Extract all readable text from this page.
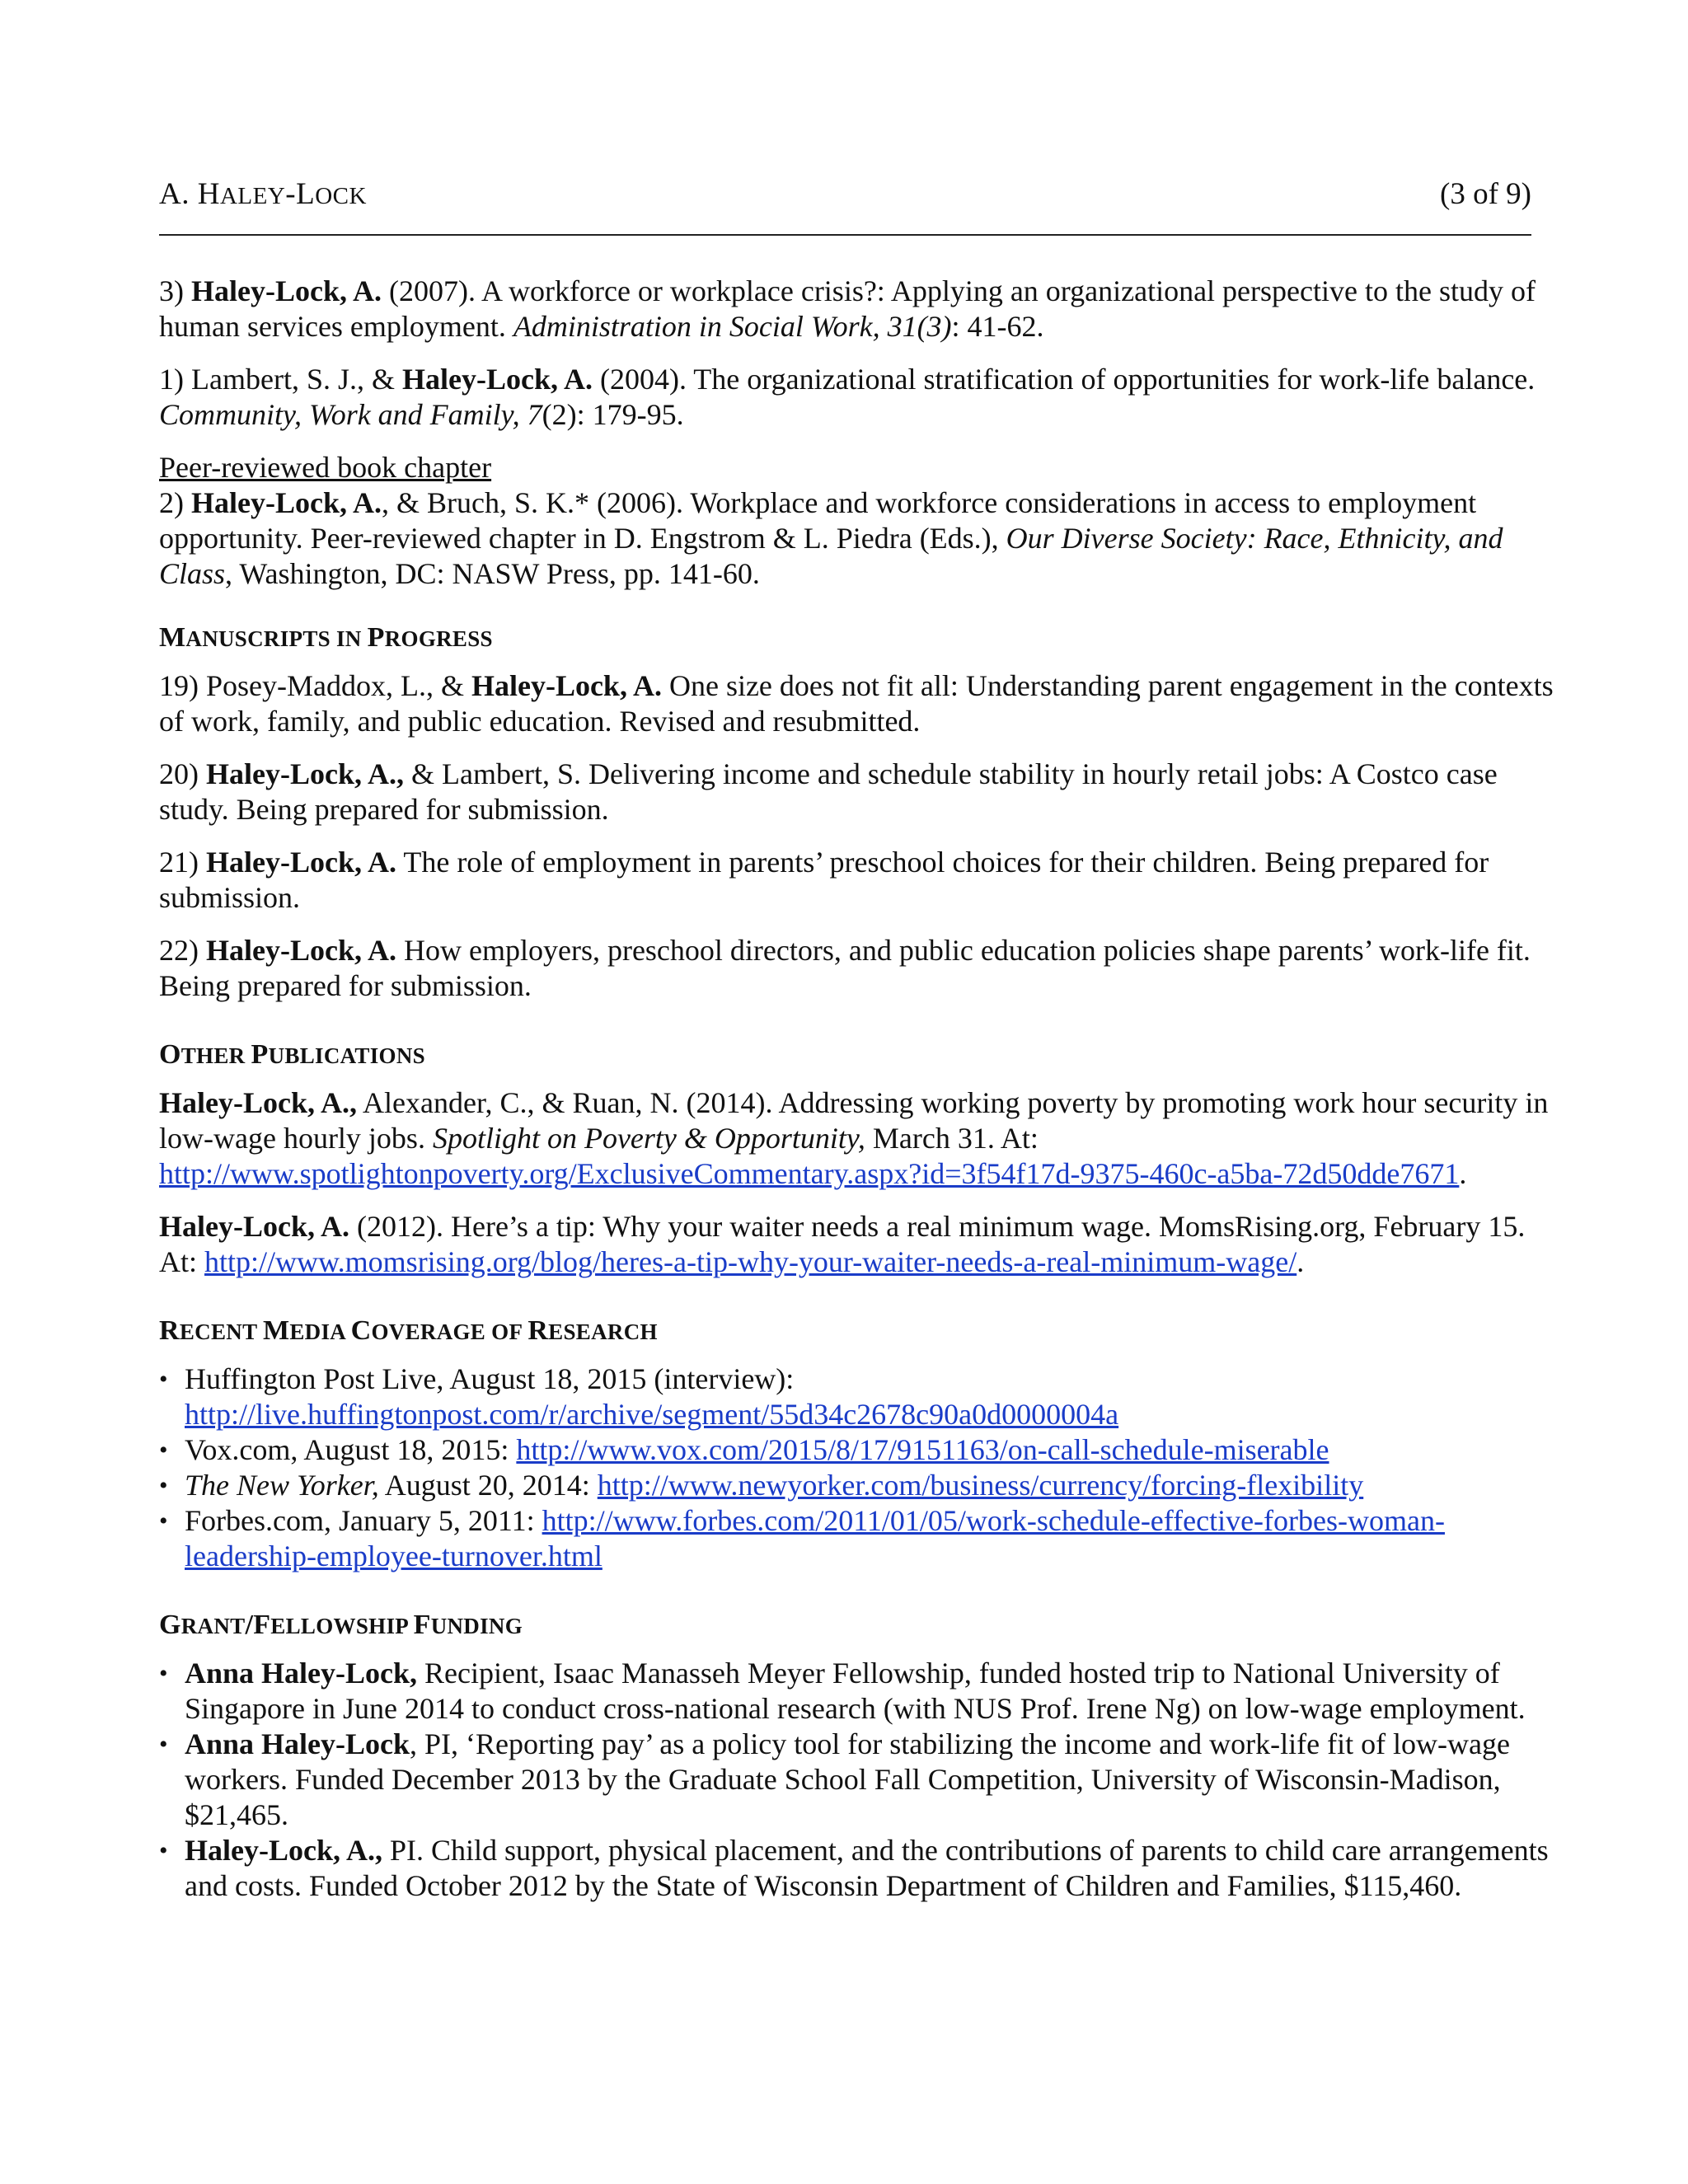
A. HALEY-LOCK	(3 of 9)

3) Haley-Lock, A. (2007). A workforce or workplace crisis?: Applying an organizational perspective to the study of human services employment. Administration in Social Work, 31(3): 41-62.

1) Lambert, S. J., & Haley-Lock, A. (2004). The organizational stratification of opportunities for work-life balance. Community, Work and Family, 7(2): 179-95.

Peer-reviewed book chapter

2) Haley-Lock, A., & Bruch, S. K.* (2006). Workplace and workforce considerations in access to employment opportunity. Peer-reviewed chapter in D. Engstrom & L. Piedra (Eds.), Our Diverse Society: Race, Ethnicity, and Class, Washington, DC: NASW Press, pp. 141-60.

MANUSCRIPTS IN PROGRESS

19) Posey-Maddox, L., & Haley-Lock, A. One size does not fit all: Understanding parent engagement in the contexts of work, family, and public education. Revised and resubmitted.

20) Haley-Lock, A., & Lambert, S. Delivering income and schedule stability in hourly retail jobs: A Costco case study. Being prepared for submission.

21) Haley-Lock, A. The role of employment in parents’ preschool choices for their children. Being prepared for submission.

22) Haley-Lock, A. How employers, preschool directors, and public education policies shape parents’ work-life fit. Being prepared for submission.

OTHER PUBLICATIONS

Haley-Lock, A., Alexander, C., & Ruan, N. (2014). Addressing working poverty by promoting work hour security in low-wage hourly jobs. Spotlight on Poverty & Opportunity, March 31. At: http://www.spotlightonpoverty.org/ExclusiveCommentary.aspx?id=3f54f17d-9375-460c-a5ba-72d50dde7671.

Haley-Lock, A. (2012). Here’s a tip: Why your waiter needs a real minimum wage. MomsRising.org, February 15. At: http://www.momsrising.org/blog/heres-a-tip-why-your-waiter-needs-a-real-minimum-wage/.

RECENT MEDIA COVERAGE OF RESEARCH
• Huffington Post Live, August 18, 2015 (interview):
http://live.huffingtonpost.com/r/archive/segment/55d34c2678c90a0d0000004a
• Vox.com, August 18, 2015: http://www.vox.com/2015/8/17/9151163/on-call-schedule-miserable
• The New Yorker, August 20, 2014: http://www.newyorker.com/business/currency/forcing-flexibility
• Forbes.com, January 5, 2011: http://www.forbes.com/2011/01/05/work-schedule-effective-forbes-woman-leadership-employee-turnover.html
GRANT/FELLOWSHIP FUNDING
• Anna Haley-Lock, Recipient, Isaac Manasseh Meyer Fellowship, funded hosted trip to National University of Singapore in June 2014 to conduct cross-national research (with NUS Prof. Irene Ng) on low-wage employment.
• Anna Haley-Lock, PI, ‘Reporting pay’ as a policy tool for stabilizing the income and work-life fit of low-wage workers. Funded December 2013 by the Graduate School Fall Competition, University of Wisconsin-Madison, $21,465.
• Haley-Lock, A., PI. Child support, physical placement, and the contributions of parents to child care arrangements and costs. Funded October 2012 by the State of Wisconsin Department of Children and Families, $115,460.
